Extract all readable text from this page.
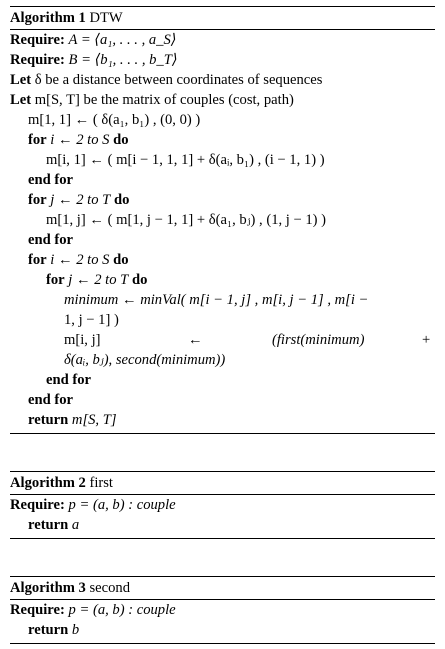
Algorithm 1 DTW
Require: A = ⟨a₁, . . . , a_S⟩
Require: B = ⟨b₁, . . . , b_T⟩
Let δ be a distance between coordinates of sequences
Let m[S, T] be the matrix of couples (cost, path)
m[1, 1] ← ( δ(a₁, b₁) , (0, 0) )
for i ← 2 to S do
m[i, 1] ← ( m[i − 1, 1, 1] + δ(aᵢ, b₁) , (i − 1, 1) )
end for
for j ← 2 to T do
m[1, j] ← ( m[1, j − 1, 1] + δ(a₁, bⱼ) , (1, j − 1) )
end for
for i ← 2 to S do
for j ← 2 to T do
minimum ← minVal( m[i − 1, j] , m[i, j − 1] , m[i −
1, j − 1] )
m[i, j]	←	(first(minimum)	+
δ(aᵢ, bⱼ), second(minimum))
end for
end for
return m[S, T]
Algorithm 2 first
Require: p = (a, b) : couple
return a
Algorithm 3 second
Require: p = (a, b) : couple
return b
